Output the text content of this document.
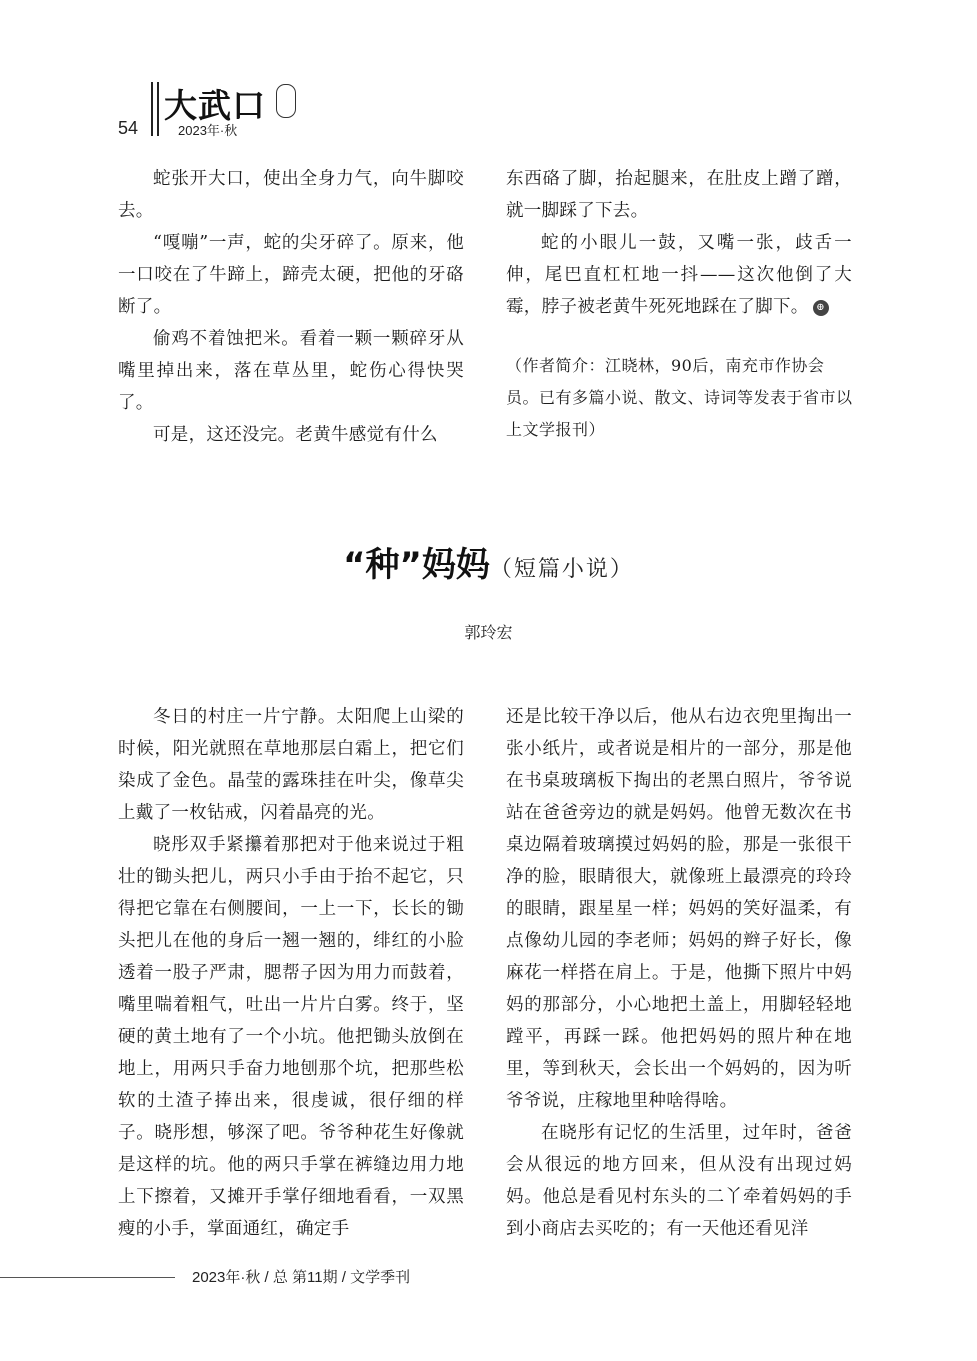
54
大武口
2023年·秋

蛇张开大口，使出全身力气，向牛脚咬去。

“嘎嘣”一声，蛇的尖牙碎了。原来，他一口咬在了牛蹄上，蹄壳太硬，把他的牙硌断了。

偷鸡不着蚀把米。看着一颗一颗碎牙从嘴里掉出来，落在草丛里，蛇伤心得快哭了。

可是，这还没完。老黄牛感觉有什么

东西硌了脚，抬起腿来，在肚皮上蹭了蹭，就一脚踩了下去。

蛇的小眼儿一鼓，又嘴一张，歧舌一伸，尾巴直杠杠地一抖——这次他倒了大霉，脖子被老黄牛死死地踩在了脚下。 ⊕

（作者简介：江晓林，90后，南充市作协会员。已有多篇小说、散文、诗词等发表于省市以上文学报刊）
“种”妈妈（短篇小说）
郭玲宏

冬日的村庄一片宁静。太阳爬上山梁的时候，阳光就照在草地那层白霜上，把它们染成了金色。晶莹的露珠挂在叶尖，像草尖上戴了一枚钻戒，闪着晶亮的光。

晓彤双手紧攥着那把对于他来说过于粗壮的锄头把儿，两只小手由于抬不起它，只得把它靠在右侧腰间，一上一下，长长的锄头把儿在他的身后一翘一翘的，绯红的小脸透着一股子严肃，腮帮子因为用力而鼓着，嘴里喘着粗气，吐出一片片白雾。终于，坚硬的黄土地有了一个小坑。他把锄头放倒在地上，用两只手奋力地刨那个坑，把那些松软的土渣子捧出来，很虔诚，很仔细的样子。晓彤想，够深了吧。爷爷种花生好像就是这样的坑。他的两只手掌在裤缝边用力地上下擦着，又摊开手掌仔细地看看，一双黑瘦的小手，掌面通红，确定手

还是比较干净以后，他从右边衣兜里掏出一张小纸片，或者说是相片的一部分，那是他在书桌玻璃板下掏出的老黑白照片，爷爷说站在爸爸旁边的就是妈妈。他曾无数次在书桌边隔着玻璃摸过妈妈的脸，那是一张很干净的脸，眼睛很大，就像班上最漂亮的玲玲的眼睛，跟星星一样；妈妈的笑好温柔，有点像幼儿园的李老师；妈妈的辫子好长，像麻花一样搭在肩上。于是，他撕下照片中妈妈的那部分，小心地把土盖上，用脚轻轻地蹚平，再踩一踩。他把妈妈的照片种在地里，等到秋天，会长出一个妈妈的，因为听爷爷说，庄稼地里种啥得啥。

在晓彤有记忆的生活里，过年时，爸爸会从很远的地方回来，但从没有出现过妈妈。他总是看见村东头的二丫牵着妈妈的手到小商店去买吃的；有一天他还看见洋

2023年·秋 / 总 第11期 / 文学季刊
